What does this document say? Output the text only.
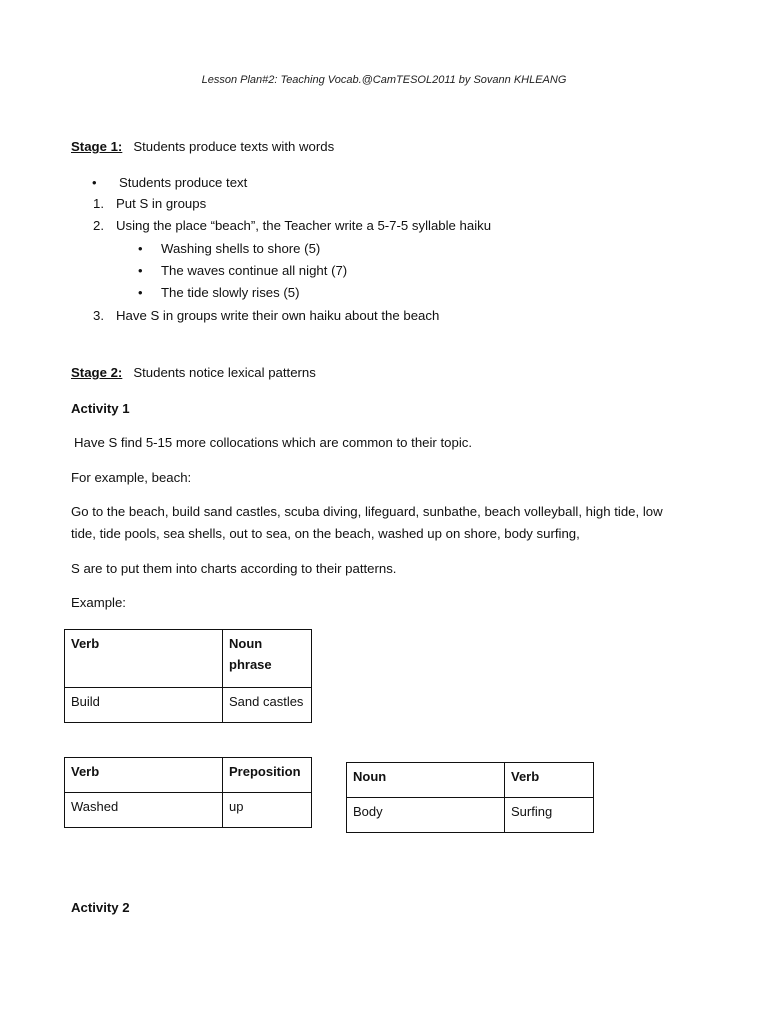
Lesson Plan#2: Teaching Vocab.@CamTESOL2011 by Sovann KHLEANG
Stage 1: Students produce texts with words
• Students produce text
1. Put S in groups
2. Using the place “beach”, the Teacher write a 5-7-5 syllable haiku
• Washing shells to shore (5)
• The waves continue all night (7)
• The tide slowly rises (5)
3. Have S in groups write their own haiku about the beach
Stage 2: Students notice lexical patterns
Activity 1
Have S find 5-15 more collocations which are common to their topic.
For example, beach:
Go to the beach, build sand castles, scuba diving, lifeguard, sunbathe, beach volleyball, high tide, low
tide, tide pools, sea shells, out to sea, on the beach, washed up on shore, body surfing,
S are to put them into charts according to their patterns.
Example:
Verb	Noun phrase
Build	Sand castles
Verb	Preposition
Washed	up
Noun	Verb
Body	Surfing
Activity 2
